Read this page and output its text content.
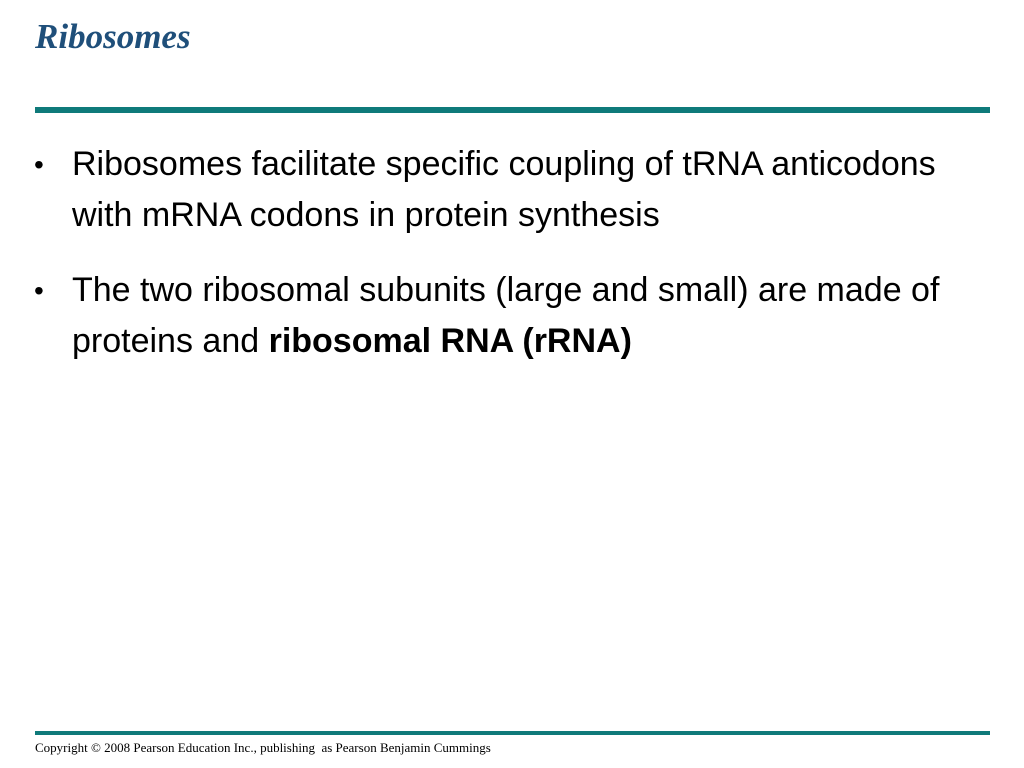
Ribosomes
• Ribosomes facilitate specific coupling of tRNA anticodons with mRNA codons in protein synthesis
• The two ribosomal subunits (large and small) are made of proteins and ribosomal RNA (rRNA)

Copyright © 2008 Pearson Education Inc., publishing  as Pearson Benjamin Cummings
